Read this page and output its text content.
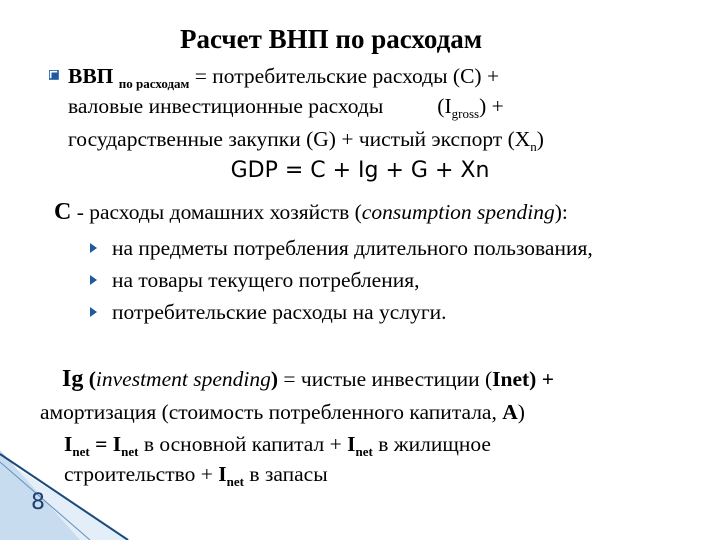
Расчет ВНП по расходам
ВВП $_{по расходам}$ = потребительские расходы (С) +
валовые инвестиционные расходы	$(I_{gross})$ +
государственные закупки (G) + чистый экспорт $(X_n)$
GDP = C + Ig + G + Xn
С - расходы домашних хозяйств (consumption spending):
на предметы потребления длительного пользования,
на товары текущего потребления,
потребительские расходы на услуги.
Ig (investment spending) = чистые инвестиции (Inet) +
амортизация (стоимость потребленного капитала, А)
$I_{net} = I_{net}$ в основной капитал + $I_{net}$ в жилищное
строительство + $I_{net}$ в запасы
8
